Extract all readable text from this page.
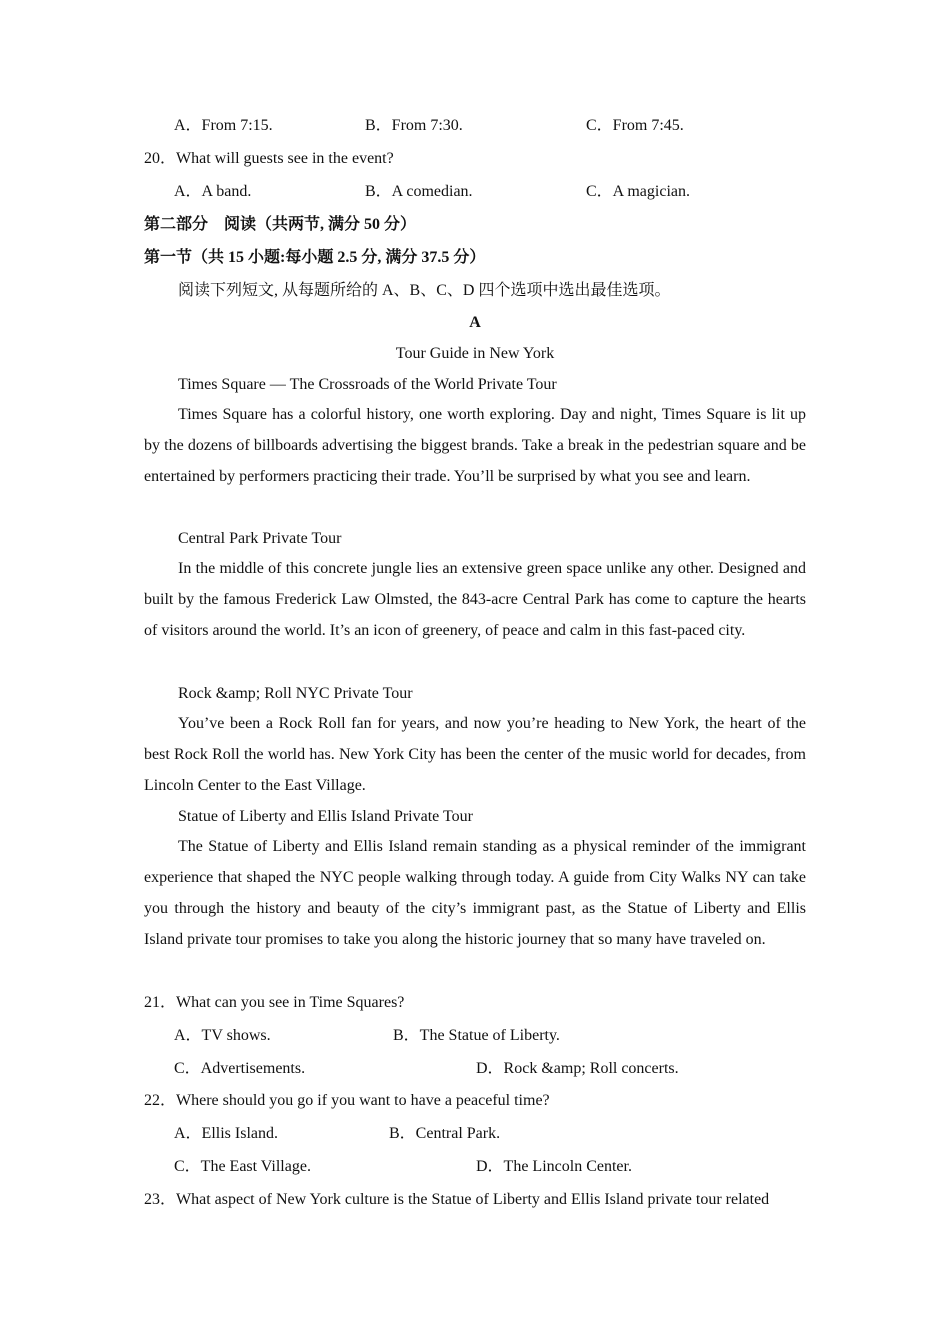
A．From 7:15.	B．From 7:30.	C．From 7:45.
20．What will guests see in the event?
A．A band.	B．A comedian.	C．A magician.
第二部分　阅读（共两节, 满分 50 分）
第一节（共 15 小题:每小题 2.5 分, 满分 37.5 分）
阅读下列短文, 从每题所给的 A、B、C、D 四个选项中选出最佳选项。
A
Tour Guide in New York
Times Square — The Crossroads of the World Private Tour
Times Square has a colorful history, one worth exploring. Day and night, Times Square is lit up by the dozens of billboards advertising the biggest brands. Take a break in the pedestrian square and be entertained by performers practicing their trade. You’ll be surprised by what you see and learn.
Central Park Private Tour
In the middle of this concrete jungle lies an extensive green space unlike any other. Designed and built by the famous Frederick Law Olmsted, the 843-acre Central Park has come to capture the hearts of visitors around the world. It’s an icon of greenery, of peace and calm in this fast-paced city.
Rock &amp; Roll NYC Private Tour
You’ve been a Rock Roll fan for years, and now you’re heading to New York, the heart of the best Rock Roll the world has. New York City has been the center of the music world for decades, from Lincoln Center to the East Village.
Statue of Liberty and Ellis Island Private Tour
The Statue of Liberty and Ellis Island remain standing as a physical reminder of the immigrant experience that shaped the NYC people walking through today. A guide from City Walks NY can take you through the history and beauty of the city’s immigrant past, as the Statue of Liberty and Ellis Island private tour promises to take you along the historic journey that so many have traveled on.
21．What can you see in Time Squares?
A．TV shows.	B．The Statue of Liberty.
C．Advertisements.	D．Rock &amp; Roll concerts.
22．Where should you go if you want to have a peaceful time?
A．Ellis Island.	B．Central Park.
C．The East Village.	D．The Lincoln Center.
23．What aspect of New York culture is the Statue of Liberty and Ellis Island private tour related
